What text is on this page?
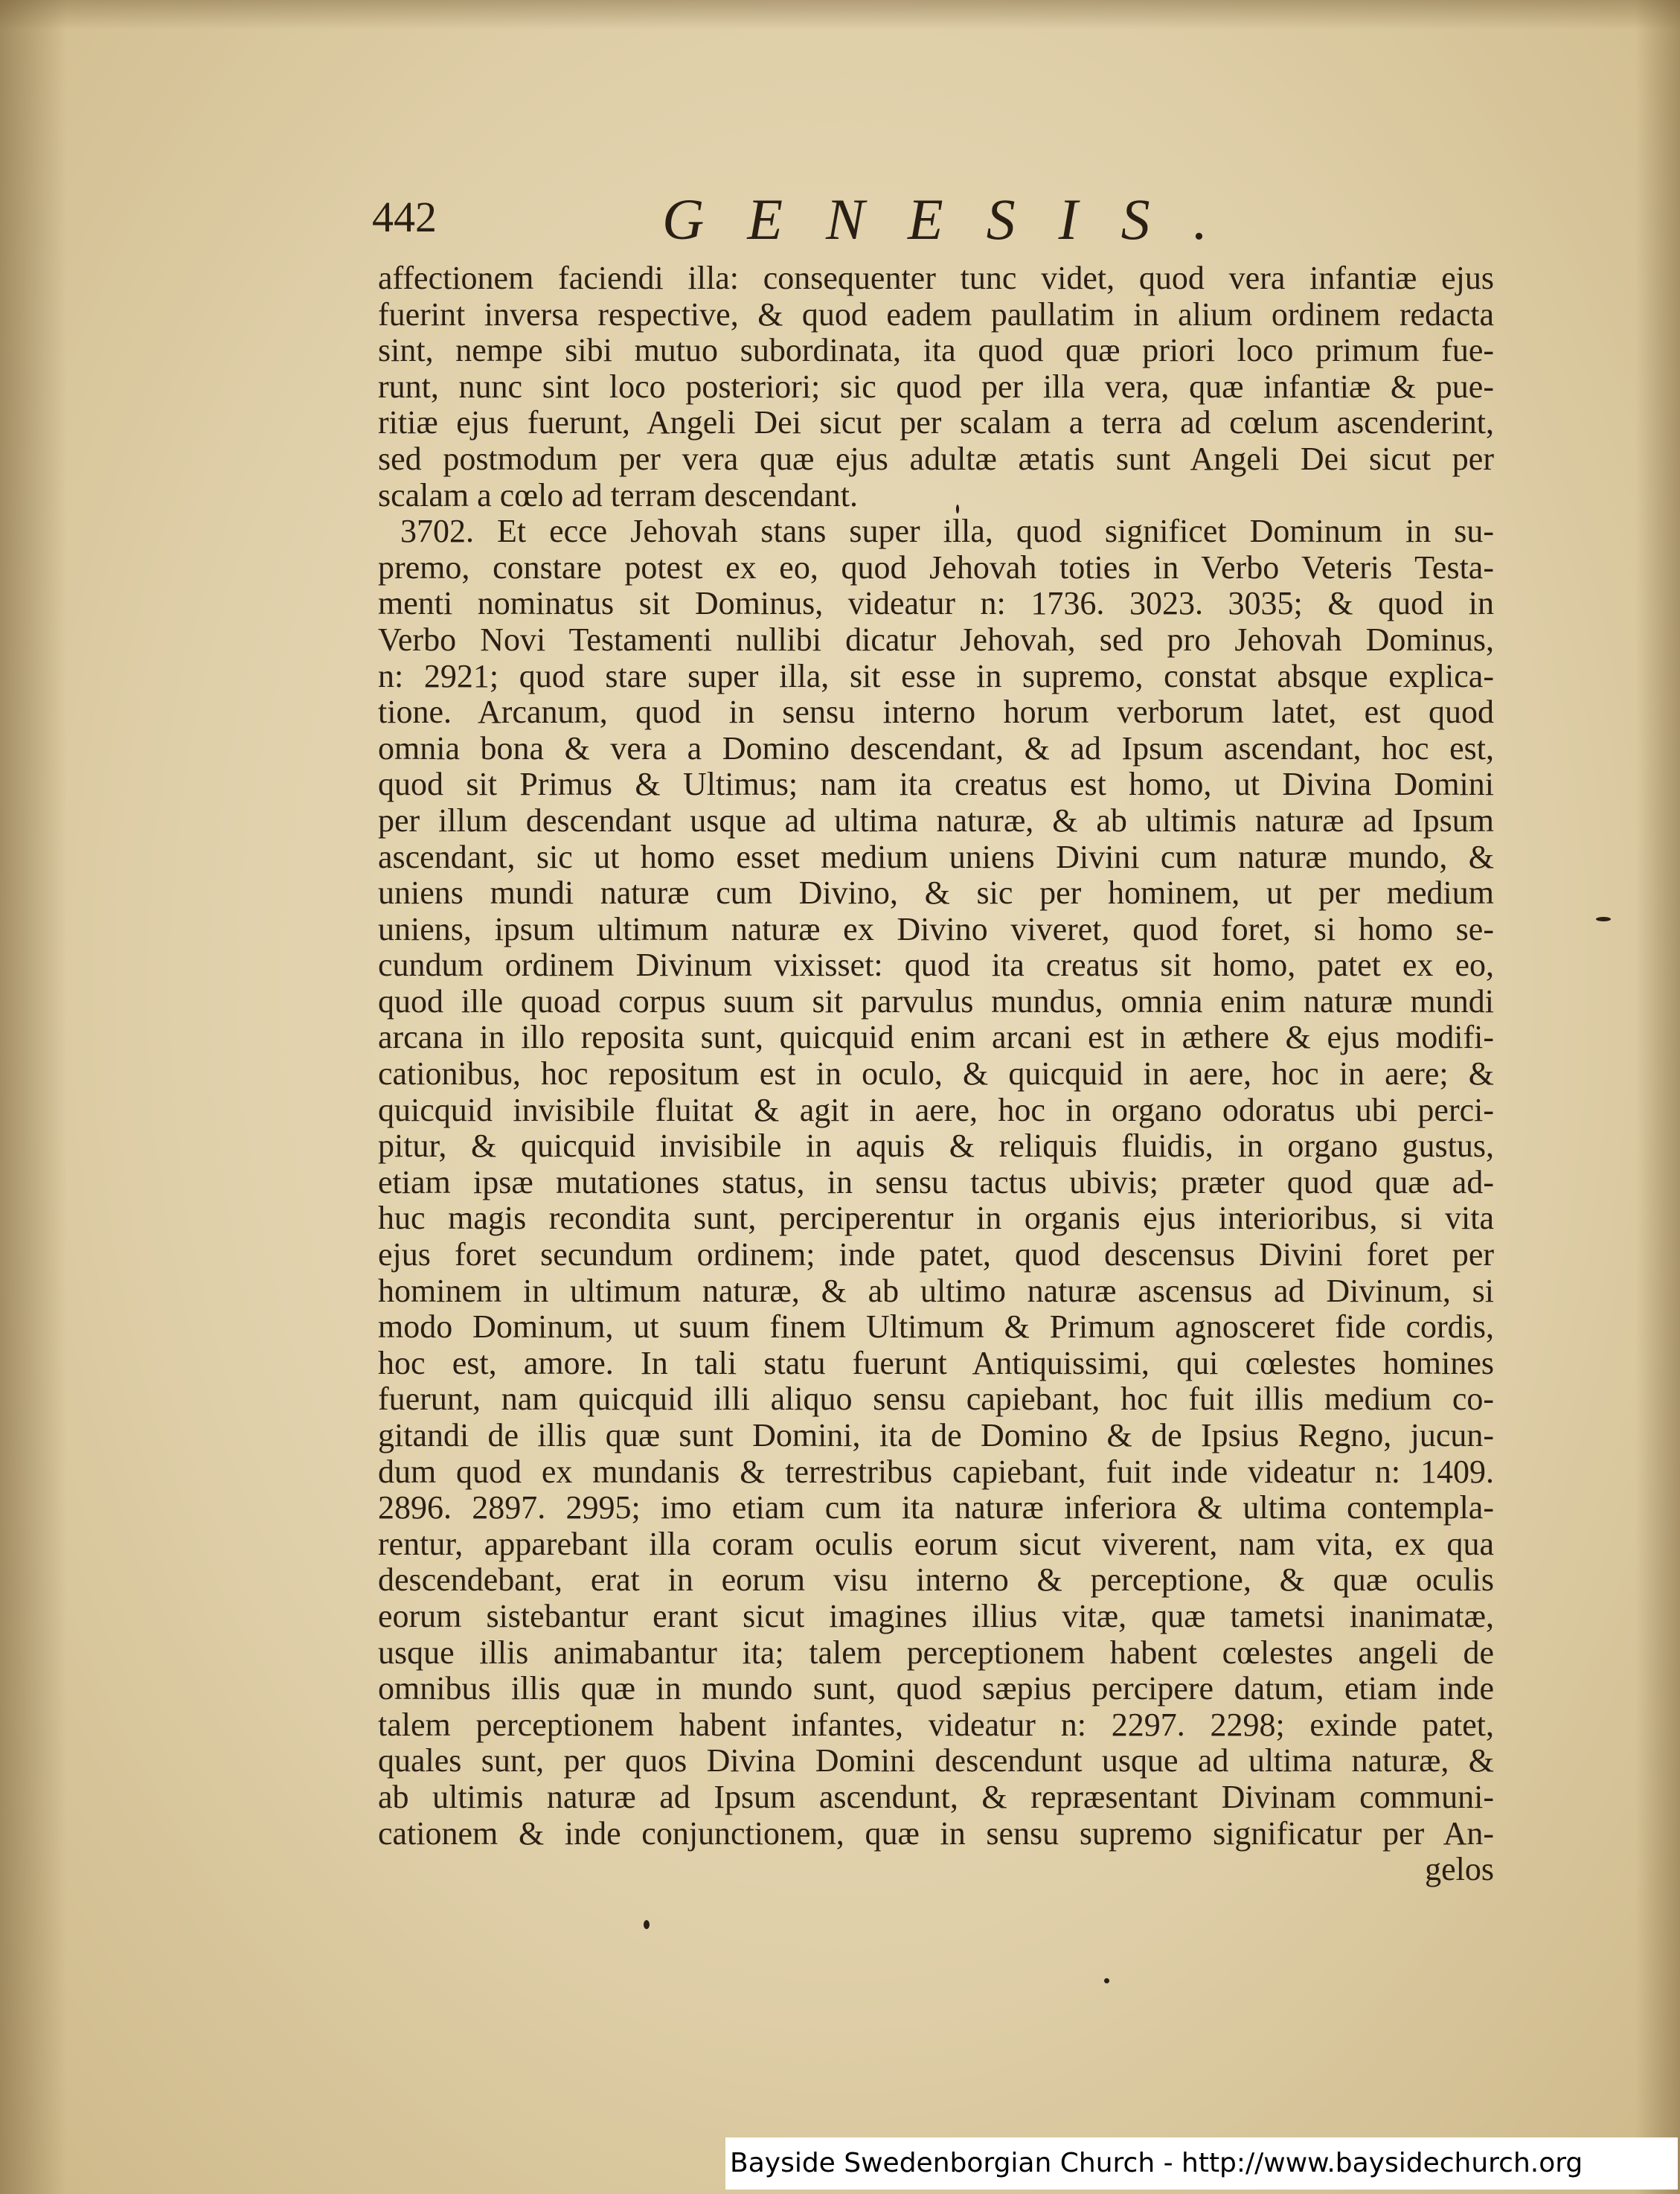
442	GENESIS.
affectionem faciendi illa: consequenter tunc videt, quod vera infantiæ ejus
fuerint inversa respective, & quod eadem paullatim in alium ordinem redacta
sint, nempe sibi mutuo subordinata, ita quod quæ priori loco primum fue-
runt, nunc sint loco posteriori; sic quod per illa vera, quæ infantiæ & pue-
ritiæ ejus fuerunt, Angeli Dei sicut per scalam a terra ad cœlum ascenderint,
sed postmodum per vera quæ ejus adultæ ætatis sunt Angeli Dei sicut per
scalam a cœlo ad terram descendant.
3702. Et ecce Jehovah stans super illa, quod significet Dominum in su-
premo, constare potest ex eo, quod Jehovah toties in Verbo Veteris Testa-
menti nominatus sit Dominus, videatur n: 1736. 3023. 3035; & quod in
Verbo Novi Testamenti nullibi dicatur Jehovah, sed pro Jehovah Dominus,
n: 2921; quod stare super illa, sit esse in supremo, constat absque explica-
tione. Arcanum, quod in sensu interno horum verborum latet, est quod
omnia bona & vera a Domino descendant, & ad Ipsum ascendant, hoc est,
quod sit Primus & Ultimus; nam ita creatus est homo, ut Divina Domini
per illum descendant usque ad ultima naturæ, & ab ultimis naturæ ad Ipsum
ascendant, sic ut homo esset medium uniens Divini cum naturæ mundo, &
uniens mundi naturæ cum Divino, & sic per hominem, ut per medium
uniens, ipsum ultimum naturæ ex Divino viveret, quod foret, si homo se-
cundum ordinem Divinum vixisset: quod ita creatus sit homo, patet ex eo,
quod ille quoad corpus suum sit parvulus mundus, omnia enim naturæ mundi
arcana in illo reposita sunt, quicquid enim arcani est in æthere & ejus modifi-
cationibus, hoc repositum est in oculo, & quicquid in aere, hoc in aere; &
quicquid invisibile fluitat & agit in aere, hoc in organo odoratus ubi perci-
pitur, & quicquid invisibile in aquis & reliquis fluidis, in organo gustus,
etiam ipsæ mutationes status, in sensu tactus ubivis; præter quod quæ ad-
huc magis recondita sunt, perciperentur in organis ejus interioribus, si vita
ejus foret secundum ordinem; inde patet, quod descensus Divini foret per
hominem in ultimum naturæ, & ab ultimo naturæ ascensus ad Divinum, si
modo Dominum, ut suum finem Ultimum & Primum agnosceret fide cordis,
hoc est, amore. In tali statu fuerunt Antiquissimi, qui cœlestes homines
fuerunt, nam quicquid illi aliquo sensu capiebant, hoc fuit illis medium co-
gitandi de illis quæ sunt Domini, ita de Domino & de Ipsius Regno, jucun-
dum quod ex mundanis & terrestribus capiebant, fuit inde videatur n: 1409.
2896. 2897. 2995; imo etiam cum ita naturæ inferiora & ultima contempla-
rentur, apparebant illa coram oculis eorum sicut viverent, nam vita, ex qua
descendebant, erat in eorum visu interno & perceptione, & quæ oculis
eorum sistebantur erant sicut imagines illius vitæ, quæ tametsi inanimatæ,
usque illis animabantur ita; talem perceptionem habent cœlestes angeli de
omnibus illis quæ in mundo sunt, quod sæpius percipere datum, etiam inde
talem perceptionem habent infantes, videatur n: 2297. 2298; exinde patet,
quales sunt, per quos Divina Domini descendunt usque ad ultima naturæ, &
ab ultimis naturæ ad Ipsum ascendunt, & repræsentant Divinam communi-
cationem & inde conjunctionem, quæ in sensu supremo significatur per An-
gelos
Bayside Swedenborgian Church - http://www.baysidechurch.org
